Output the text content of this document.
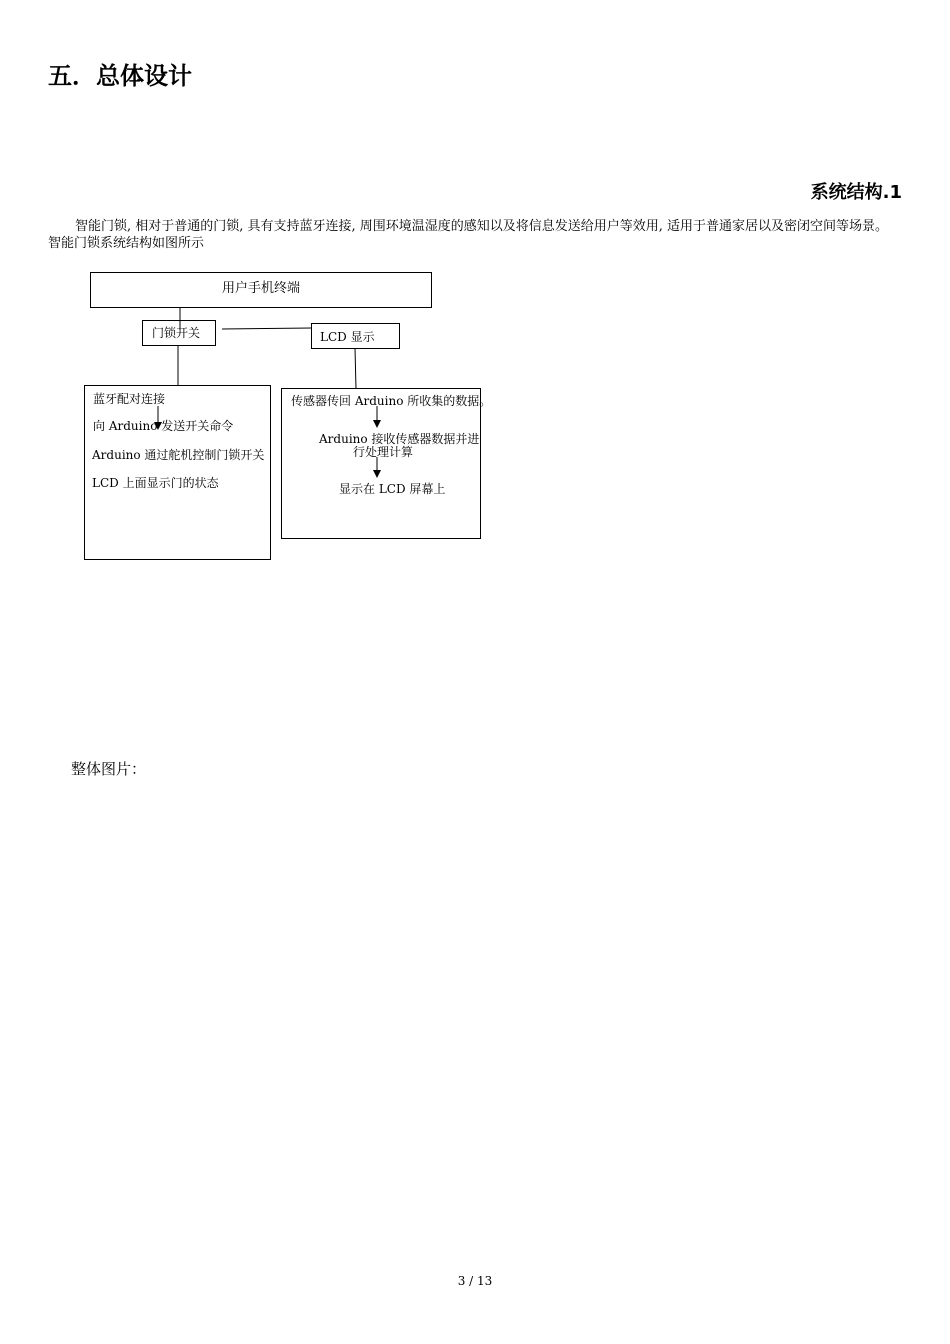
五．总体设计
系统结构.1
智能门锁, 相对于普通的门锁, 具有支持蓝牙连接, 周围环境温湿度的感知以及将信息发送给用户等效用, 适用于普通家居以及密闭空间等场景。
智能门锁系统结构如图所示
用户手机终端
门锁开关	LCD 显示
蓝牙配对连接
向 Arduino 发送开关命令
Arduino 通过舵机控制门锁开关
LCD 上面显示门的状态
传感器传回 Arduino 所收集的数据。
Arduino 接收传感器数据并进
行处理计算
显示在 LCD 屏幕上
整体图片：
3 / 13
